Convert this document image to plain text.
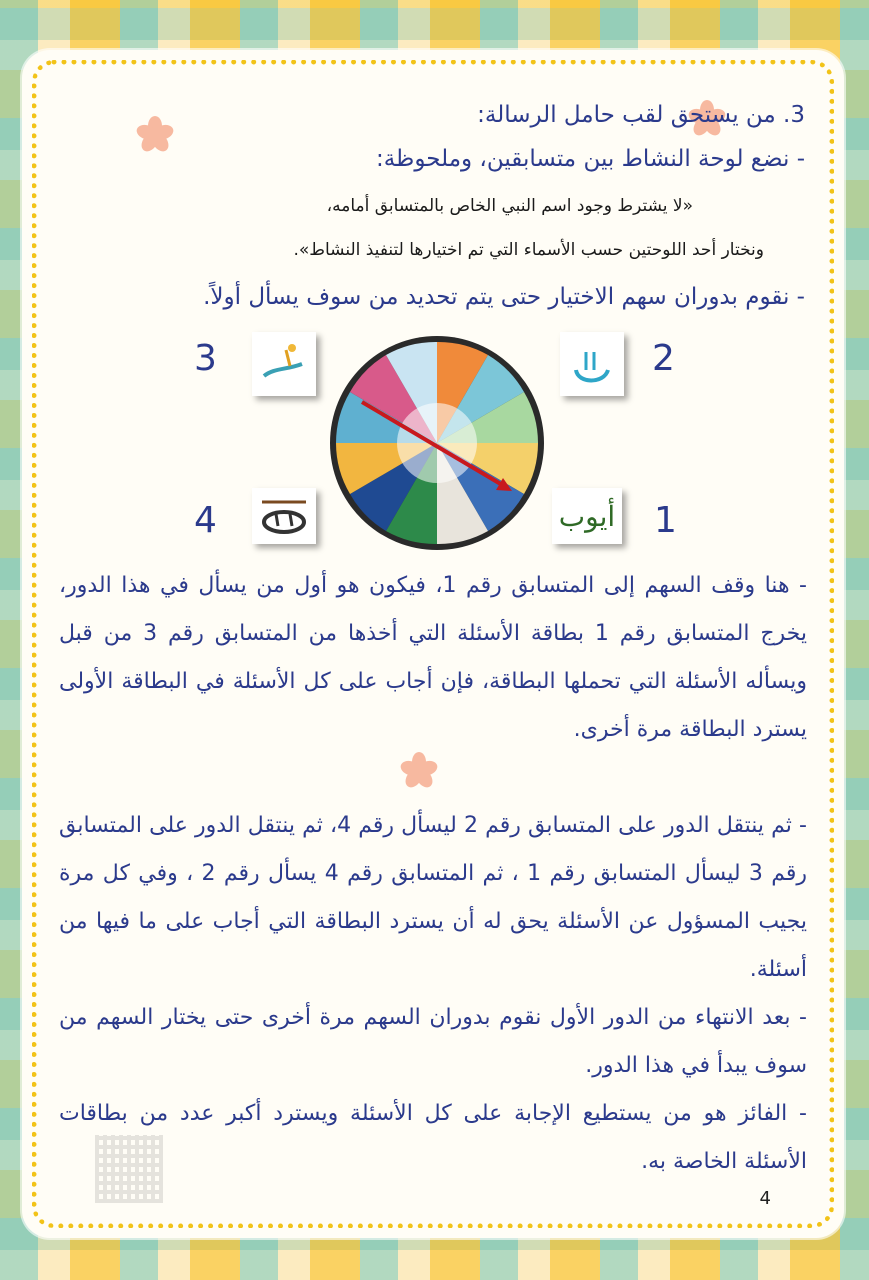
3. من يستحق لقب حامل الرسالة:
- نضع لوحة النشاط بين متسابقين، وملحوظة:
«لا يشترط وجود اسم النبي الخاص بالمتسابق أمامه،
ونختار أحد اللوحتين حسب الأسماء التي تم اختيارها لتنفيذ النشاط».
- نقوم بدوران سهم الاختيار حتى يتم تحديد من سوف يسأل أولاً.
3	2
4	1
أيوب
- هنا وقف السهم إلى المتسابق رقم 1، فيكون هو أول من يسأل في هذا الدور، يخرج المتسابق رقم 1 بطاقة الأسئلة التي أخذها من المتسابق رقم 3 من قبل ويسأله الأسئلة التي تحملها البطاقة، فإن أجاب على كل الأسئلة في البطاقة الأولى يسترد البطاقة مرة أخرى.
- ثم ينتقل الدور على المتسابق رقم 2 ليسأل رقم 4، ثم ينتقل الدور على المتسابق رقم 3 ليسأل المتسابق رقم 1 ، ثم المتسابق رقم 4 يسأل رقم 2 ، وفي كل مرة يجيب المسؤول عن الأسئلة يحق له أن يسترد البطاقة التي أجاب على ما فيها من أسئلة.
- بعد الانتهاء من الدور الأول نقوم بدوران السهم مرة أخرى حتى يختار السهم من سوف يبدأ في هذا الدور.
- الفائز هو من يستطيع الإجابة على كل الأسئلة ويسترد أكبر عدد من بطاقات الأسئلة الخاصة به.
4
